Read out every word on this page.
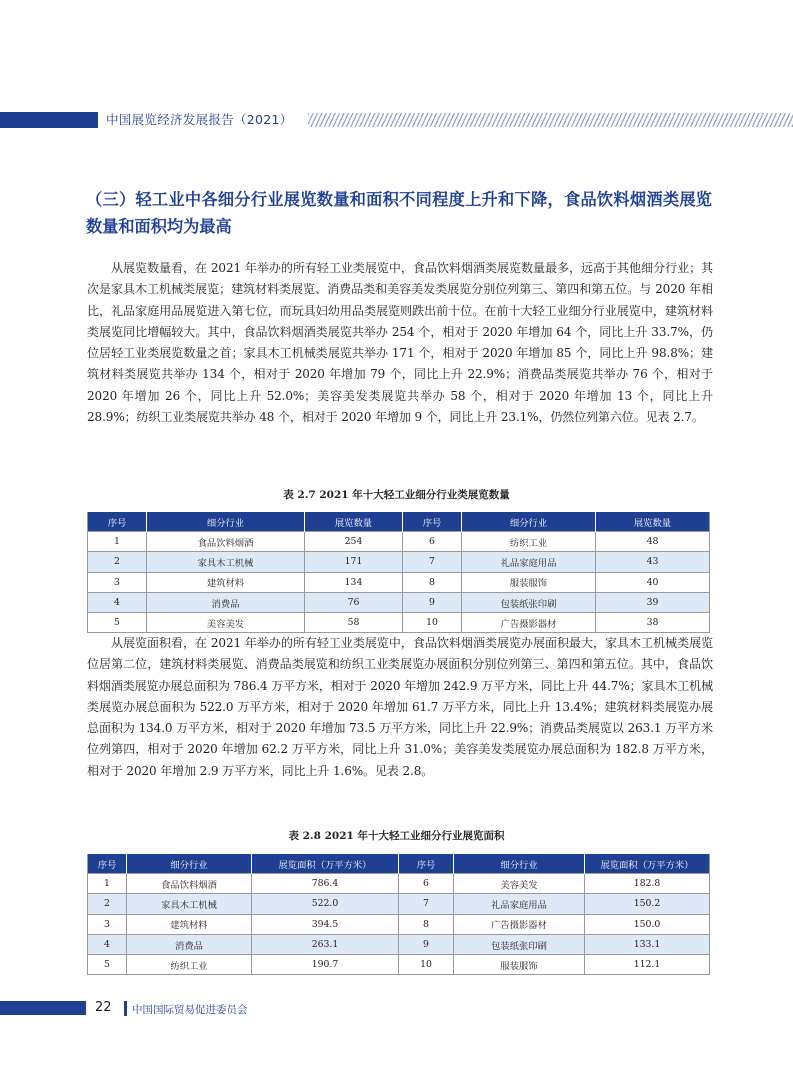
中国展览经济发展报告（2021）
（三）轻工业中各细分行业展览数量和面积不同程度上升和下降，食品饮料烟酒类展览数量和面积均为最高

从展览数量看，在 2021 年举办的所有轻工业类展览中，食品饮料烟酒类展览数量最多，远高于其他细分行业；其次是家具木工机械类展览；建筑材料类展览、消费品类和美容美发类展览分别位列第三、第四和第五位。与 2020 年相比，礼品家庭用品展览进入第七位，而玩具妇幼用品类展览则跌出前十位。在前十大轻工业细分行业展览中，建筑材料类展览同比增幅较大。其中，食品饮料烟酒类展览共举办 254 个，相对于 2020 年增加 64 个，同比上升 33.7%，仍位居轻工业类展览数量之首；家具木工机械类展览共举办 171 个，相对于 2020 年增加 85 个，同比上升 98.8%；建筑材料类展览共举办 134 个，相对于 2020 年增加 79 个，同比上升 22.9%；消费品类展览共举办 76 个，相对于 2020 年增加 26 个，同比上升 52.0%；美容美发类展览共举办 58 个，相对于 2020 年增加 13 个，同比上升 28.9%；纺织工业类展览共举办 48 个，相对于 2020 年增加 9 个，同比上升 23.1%，仍然位列第六位。见表 2.7。

表 2.7 2021 年十大轻工业细分行业类展览数量
序号	细分行业	展览数量	序号	细分行业	展览数量
1	食品饮料烟酒	254	6	纺织工业	48
2	家具木工机械	171	7	礼品家庭用品	43
3	建筑材料	134	8	服装服饰	40
4	消费品	76	9	包装纸张印刷	39
5	美容美发	58	10	广告摄影器材	38

从展览面积看，在 2021 年举办的所有轻工业类展览中，食品饮料烟酒类展览办展面积最大，家具木工机械类展览位居第二位，建筑材料类展览、消费品类展览和纺织工业类展览办展面积分别位列第三、第四和第五位。其中，食品饮料烟酒类展览办展总面积为 786.4 万平方米，相对于 2020 年增加 242.9 万平方米，同比上升 44.7%；家具木工机械类展览办展总面积为 522.0 万平方米，相对于 2020 年增加 61.7 万平方米，同比上升 13.4%；建筑材料类展览办展总面积为 134.0 万平方米，相对于 2020 年增加 73.5 万平方米，同比上升 22.9%；消费品类展览以 263.1 万平方米位列第四，相对于 2020 年增加 62.2 万平方米，同比上升 31.0%；美容美发类展览办展总面积为 182.8 万平方米，相对于 2020 年增加 2.9 万平方米，同比上升 1.6%。见表 2.8。

表 2.8 2021 年十大轻工业细分行业展览面积
序号	细分行业	展览面积（万平方米）	序号	细分行业	展览面积（万平方米）
1	食品饮料烟酒	786.4	6	美容美发	182.8
2	家具木工机械	522.0	7	礼品家庭用品	150.2
3	建筑材料	394.5	8	广告摄影器材	150.0
4	消费品	263.1	9	包装纸张印刷	133.1
5	纺织工业	190.7	10	服装服饰	112.1
22 中国国际贸易促进委员会
